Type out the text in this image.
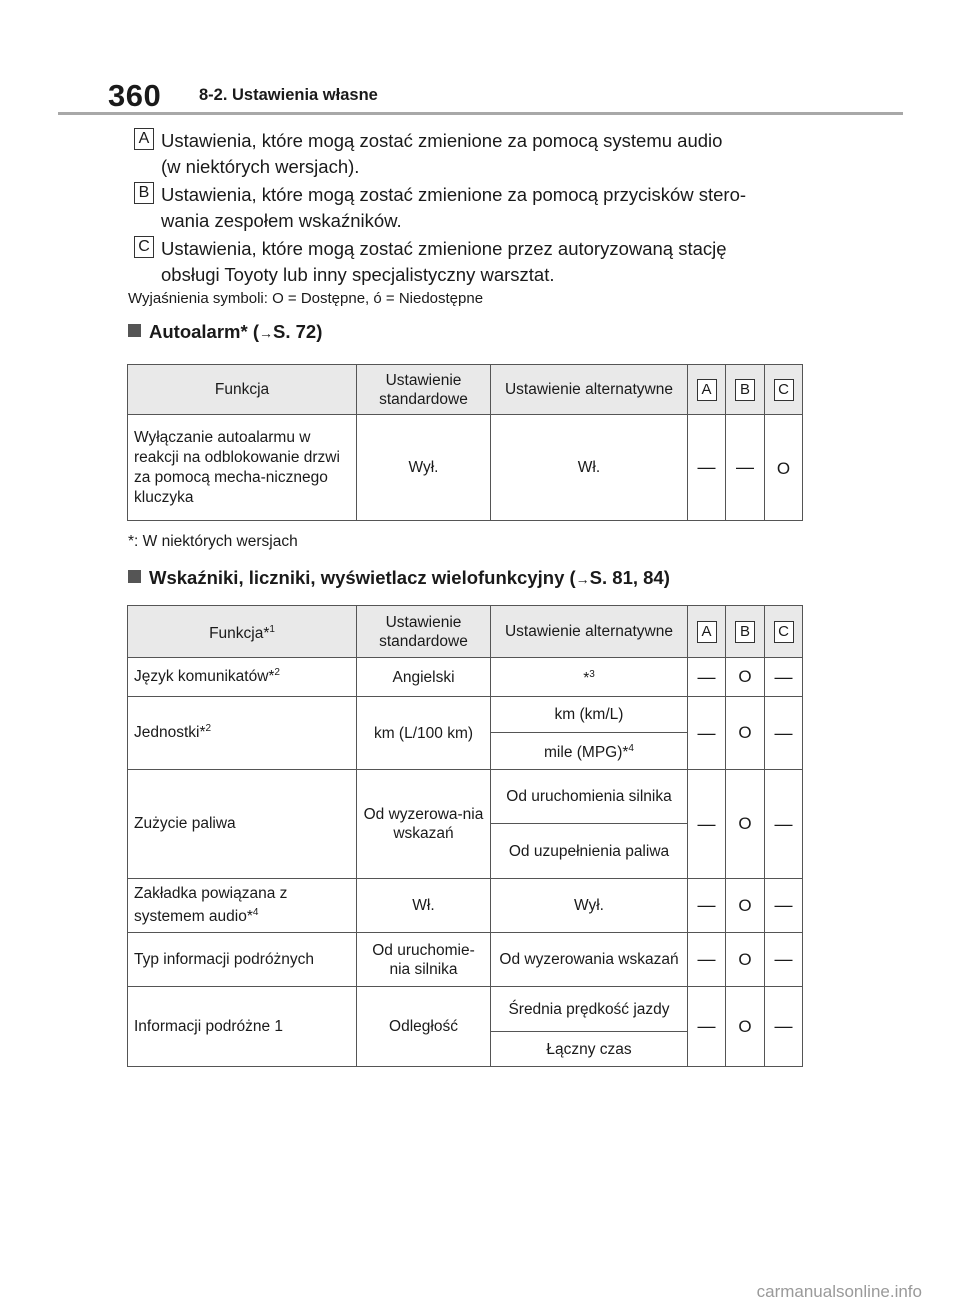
360 8-2. Ustawienia własne
A Ustawienia, które mogą zostać zmienione za pomocą systemu audio
(w niektórych wersjach).
B Ustawienia, które mogą zostać zmienione za pomocą przycisków stero-
wania zespołem wskaźników.
C Ustawienia, które mogą zostać zmienione przez autoryzowaną stację
obsługi Toyoty lub inny specjalistyczny warsztat.
Wyjaśnienia symboli: O = Dostępne, ó = Niedostępne
Autoalarm* (→S. 72)
Funkcja	Ustawienie standardowe	Ustawienie alternatywne	A	B	C
Wyłączanie autoalarmu w reakcji na odblokowanie drzwi za pomocą mecha-nicznego kluczyka	Wył.	Wł.	—	—	O
*: W niektórych wersjach
Wskaźniki, liczniki, wyświetlacz wielofunkcyjny (→S. 81, 84)
Funkcja*$^1$	Ustawienie standardowe	Ustawienie alternatywne	A	B	C
Język komunikatów*$^2$	Angielski	*$^3$	—	O	—
Jednostki*$^2$	km (L/100 km)	km (km/L)	—	O	—
		mile (MPG)*$^4$
Zużycie paliwa	Od wyzerowa-nia wskazań	Od uruchomienia silnika	—	O	—
		Od uzupełnienia paliwa			
Zakładka powiązana z systemem audio*$^4$	Wł.	Wył.	—	O	—
Typ informacji podróżnych	Od uruchomie-nia silnika	Od wyzerowania wskazań	—	O	—
Informacji podróżne 1	Odległość	Średnia prędkość jazdy	—	O	—
		Łączny czas			
carmanualsonline.info
